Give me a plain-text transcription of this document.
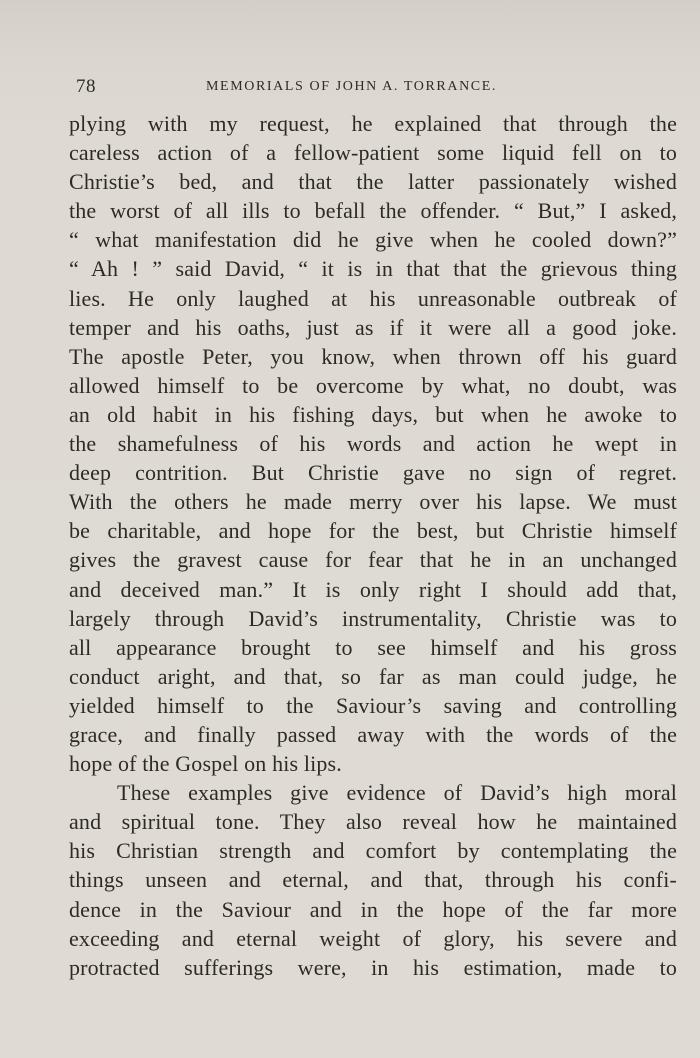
78	MEMORIALS OF JOHN A. TORRANCE.
plying with my request, he explained that through the
careless action of a fellow-patient some liquid fell on to
Christie’s bed, and that the latter passionately wished
the worst of all ills to befall the offender. “ But,” I asked,
“ what manifestation did he give when he cooled down?”
“ Ah ! ” said David, “ it is in that that the grievous thing
lies. He only laughed at his unreasonable outbreak of
temper and his oaths, just as if it were all a good joke.
The apostle Peter, you know, when thrown off his guard
allowed himself to be overcome by what, no doubt, was
an old habit in his fishing days, but when he awoke to
the shamefulness of his words and action he wept in
deep contrition. But Christie gave no sign of regret.
With the others he made merry over his lapse. We must
be charitable, and hope for the best, but Christie himself
gives the gravest cause for fear that he in an unchanged
and deceived man.” It is only right I should add that,
largely through David’s instrumentality, Christie was to
all appearance brought to see himself and his gross
conduct aright, and that, so far as man could judge, he
yielded himself to the Saviour’s saving and controlling
grace, and finally passed away with the words of the
hope of the Gospel on his lips.
These examples give evidence of David’s high moral
and spiritual tone. They also reveal how he maintained
his Christian strength and comfort by contemplating the
things unseen and eternal, and that, through his confi-
dence in the Saviour and in the hope of the far more
exceeding and eternal weight of glory, his severe and
protracted sufferings were, in his estimation, made to
